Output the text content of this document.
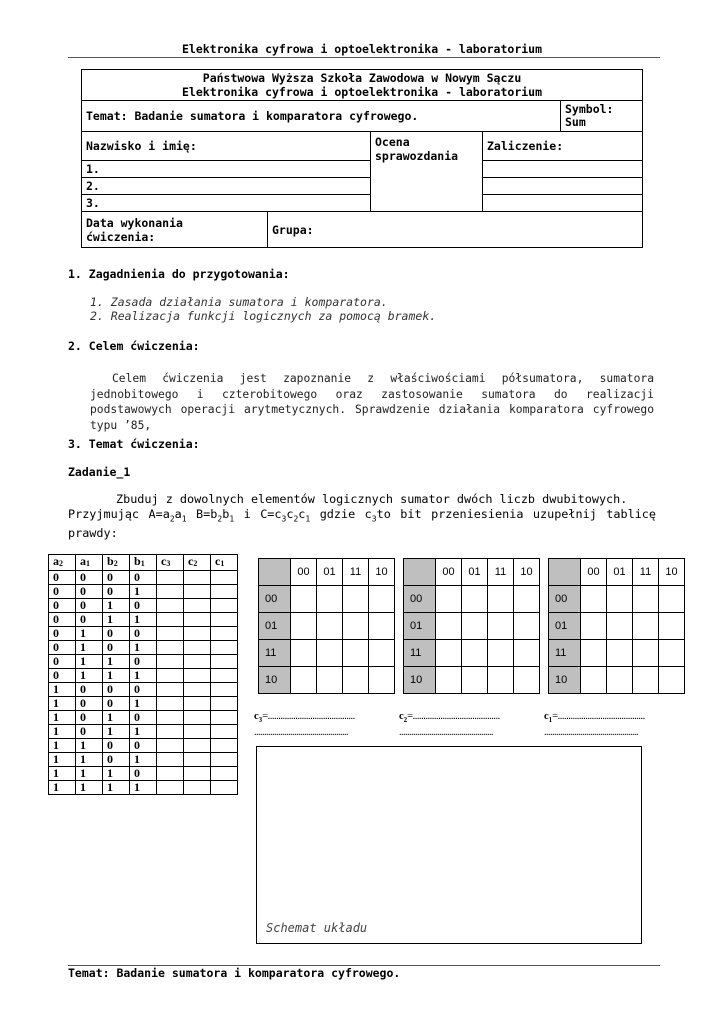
Elektronika cyfrowa i optoelektronika - laboratorium
Państwowa Wyższa Szkoła Zawodowa w Nowym Sączu
Elektronika cyfrowa i optoelektronika - laboratorium				

Temat: Badanie sumatora i komparatora cyfrowego.				Symbol:
Sum

Nazwisko i imię:		Ocena sprawozdania	Zaliczenie:	
1.				
2.				
3.				

Data wykonania ćwiczenia:	Grupa:			
1. Zagadnienia do przygotowania:
1. Zasada działania sumatora i komparatora.
2. Realizacja funkcji logicznych za pomocą bramek.
2. Celem ćwiczenia:
Celem ćwiczenia jest zapoznanie z właściwościami półsumatora, sumatora jednobitowego i czterobitowego oraz zastosowanie sumatora do realizacji podstawowych operacji arytmetycznych. Sprawdzenie działania komparatora cyfrowego typu ’85,
3. Temat ćwiczenia:
Zadanie_1
Zbuduj z dowolnych elementów logicznych sumator dwóch liczb dwubitowych.
Przyjmując $A=a_2a_1$ $B=b_2b_1$ i $C=c_3c_2c_1$ gdzie $c_3to$ bit przeniesienia uzupełnij tablicę
prawdy:
$a_2$	$a_1$	$b_2$	$b_1$	$c_3$	$c_2$	$c_1$
0	0	0	0			
0	0	0	1			
0	0	1	0			
0	0	1	1			
0	1	0	0			
0	1	0	1			
0	1	1	0			
0	1	1	1			
1	0	0	0			
1	0	0	1			
1	0	1	0			
1	0	1	1			
1	1	0	0			
1	1	0	1			
1	1	1	0			
1	1	1	1			
	00	01	11	10
00				
01				
11				
10				
$c_3=$.........................................
...............................................
	00	01	11	10
00				
01				
11				
10				
$c_2=$.........................................
...............................................
	00	01	11	10
00				
01				
11				
10				
$c_1=$.........................................
...............................................
Schemat układu
Temat: Badanie sumatora i komparatora cyfrowego.
